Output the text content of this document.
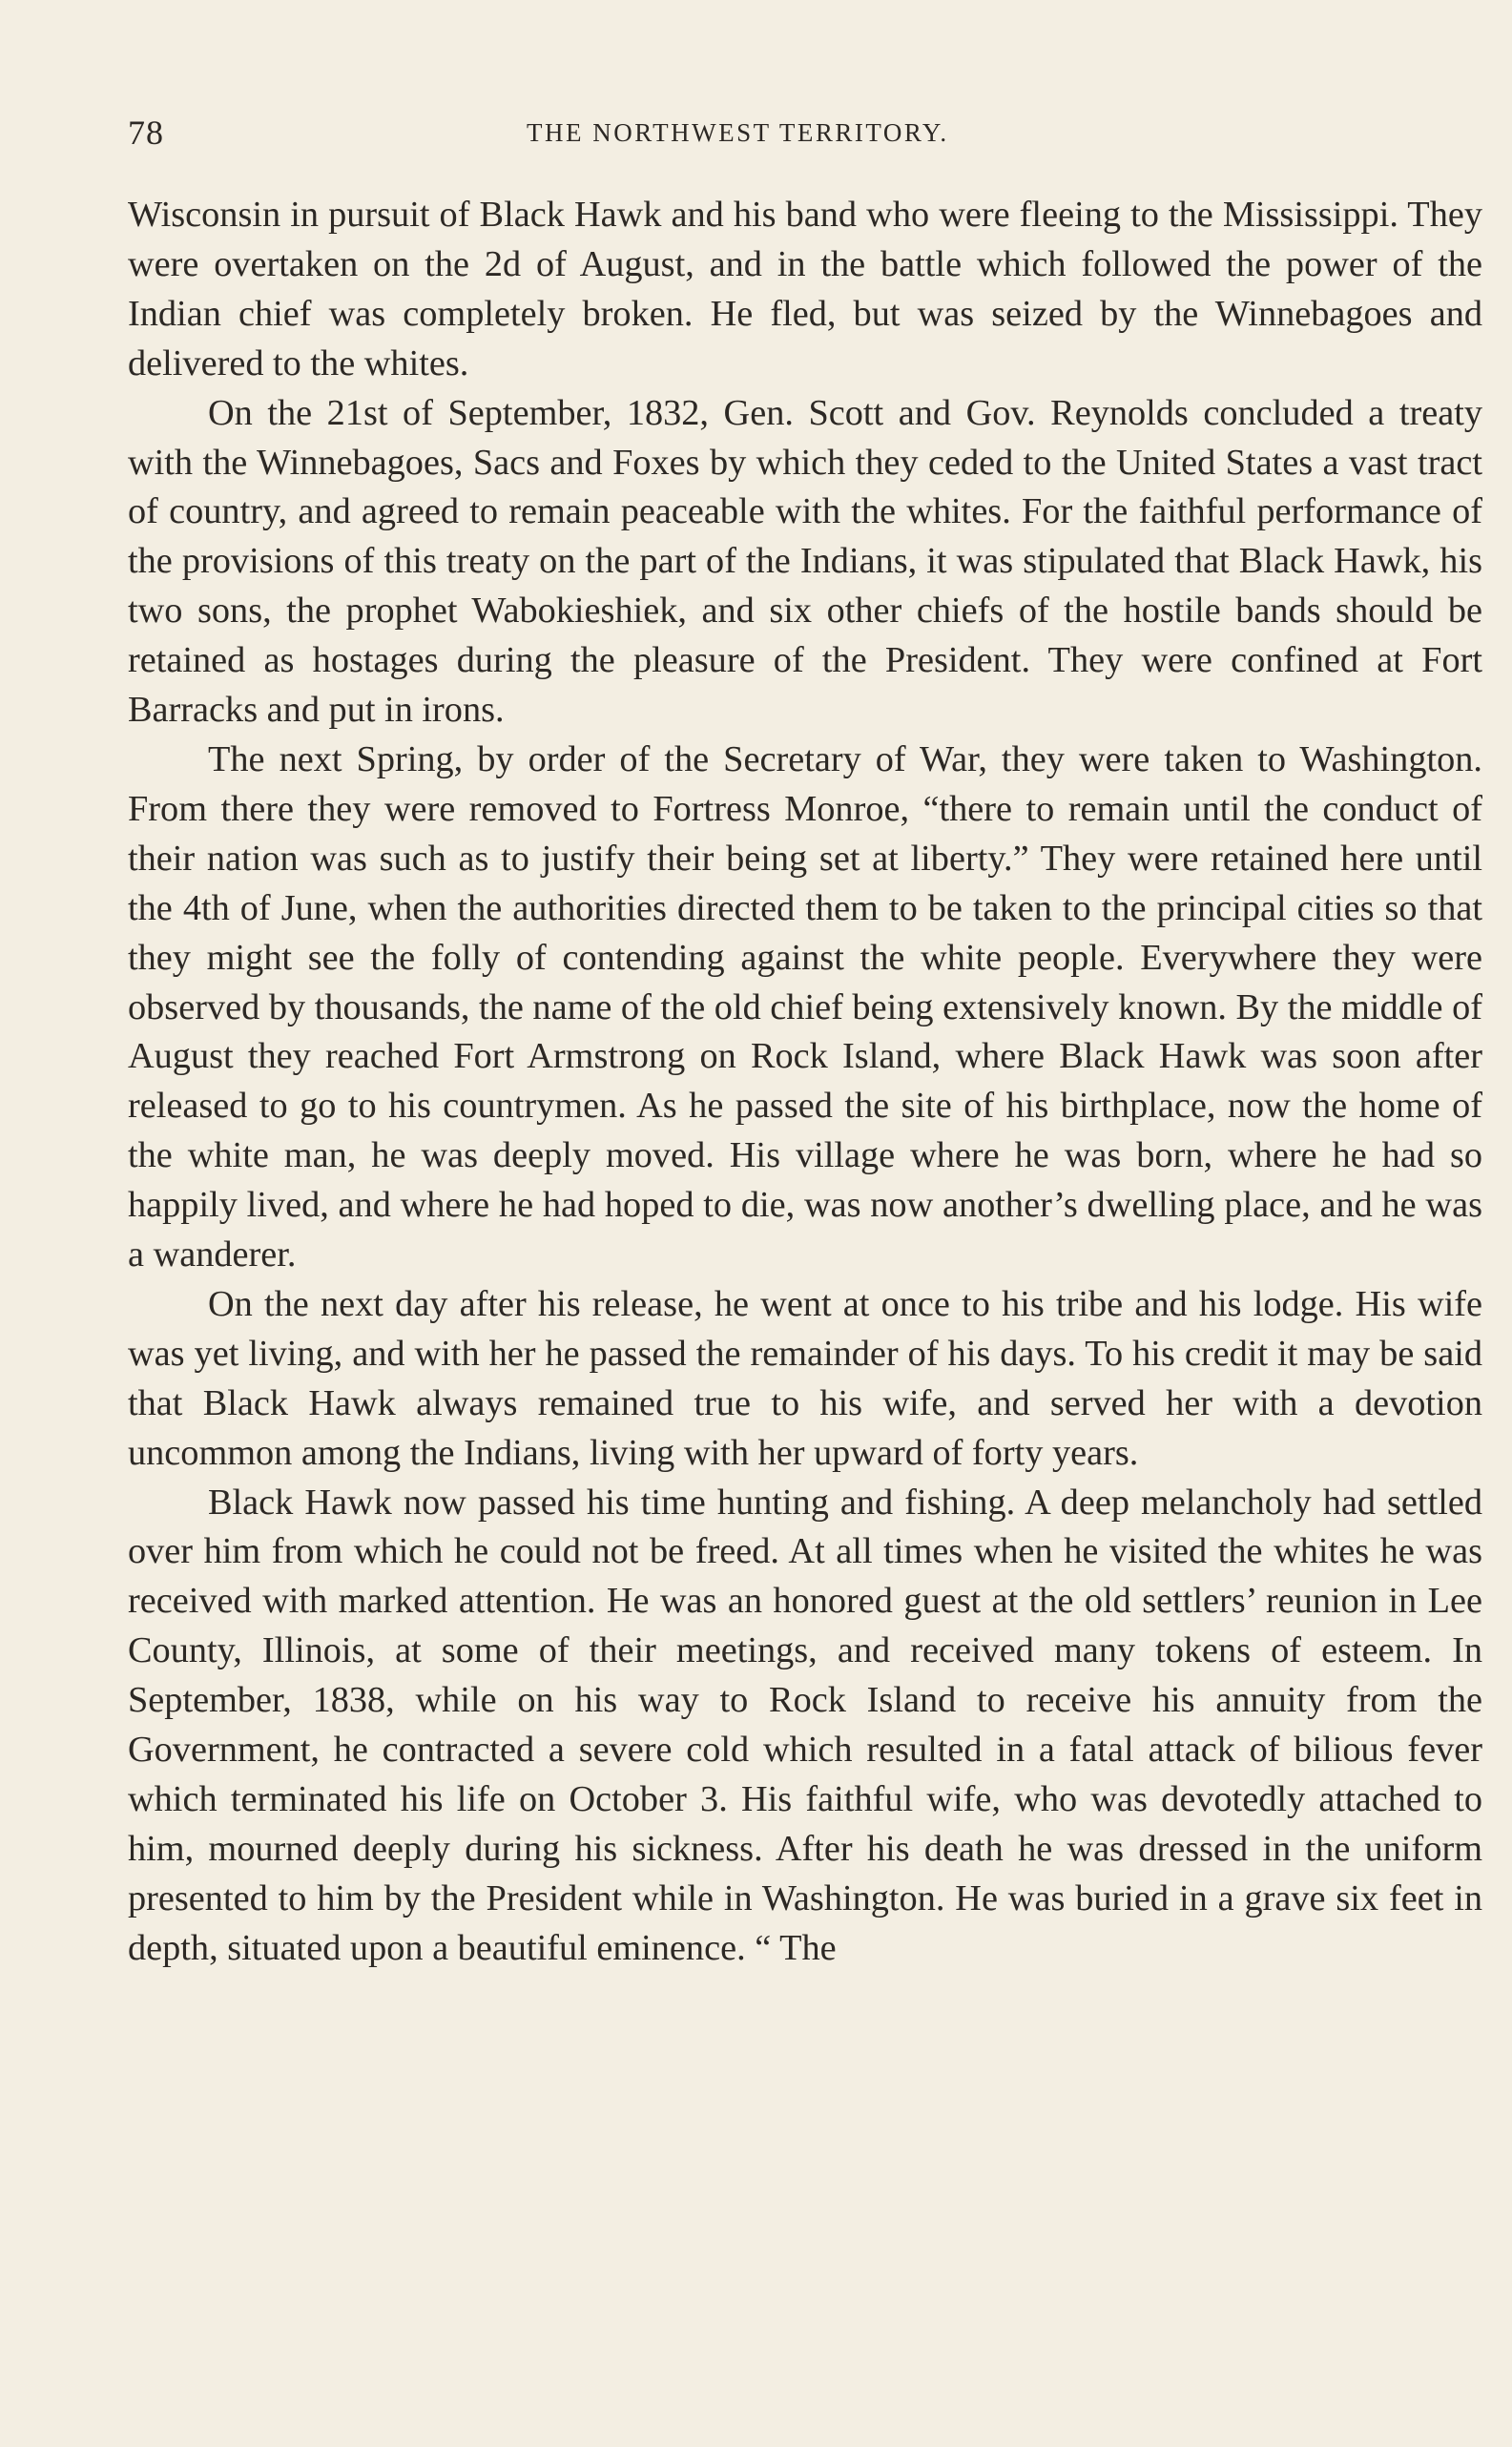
78	THE NORTHWEST TERRITORY.

Wisconsin in pursuit of Black Hawk and his band who were fleeing to the Mississippi. They were overtaken on the 2d of August, and in the battle which followed the power of the Indian chief was completely broken. He fled, but was seized by the Winnebagoes and delivered to the whites.

On the 21st of September, 1832, Gen. Scott and Gov. Reynolds concluded a treaty with the Winnebagoes, Sacs and Foxes by which they ceded to the United States a vast tract of country, and agreed to remain peaceable with the whites. For the faithful performance of the provisions of this treaty on the part of the Indians, it was stipulated that Black Hawk, his two sons, the prophet Wabokieshiek, and six other chiefs of the hostile bands should be retained as hostages during the pleasure of the President. They were confined at Fort Barracks and put in irons.

The next Spring, by order of the Secretary of War, they were taken to Washington. From there they were removed to Fortress Monroe, “there to remain until the conduct of their nation was such as to justify their being set at liberty.” They were retained here until the 4th of June, when the authorities directed them to be taken to the principal cities so that they might see the folly of contending against the white people. Everywhere they were observed by thousands, the name of the old chief being extensively known. By the middle of August they reached Fort Armstrong on Rock Island, where Black Hawk was soon after released to go to his countrymen. As he passed the site of his birthplace, now the home of the white man, he was deeply moved. His village where he was born, where he had so happily lived, and where he had hoped to die, was now another’s dwelling place, and he was a wanderer.

On the next day after his release, he went at once to his tribe and his lodge. His wife was yet living, and with her he passed the remainder of his days. To his credit it may be said that Black Hawk always remained true to his wife, and served her with a devotion uncommon among the Indians, living with her upward of forty years.

Black Hawk now passed his time hunting and fishing. A deep melancholy had settled over him from which he could not be freed. At all times when he visited the whites he was received with marked attention. He was an honored guest at the old settlers’ reunion in Lee County, Illinois, at some of their meetings, and received many tokens of esteem. In September, 1838, while on his way to Rock Island to receive his annuity from the Government, he contracted a severe cold which resulted in a fatal attack of bilious fever which terminated his life on October 3. His faithful wife, who was devotedly attached to him, mourned deeply during his sickness. After his death he was dressed in the uniform presented to him by the President while in Washington. He was buried in a grave six feet in depth, situated upon a beautiful eminence. “ The
